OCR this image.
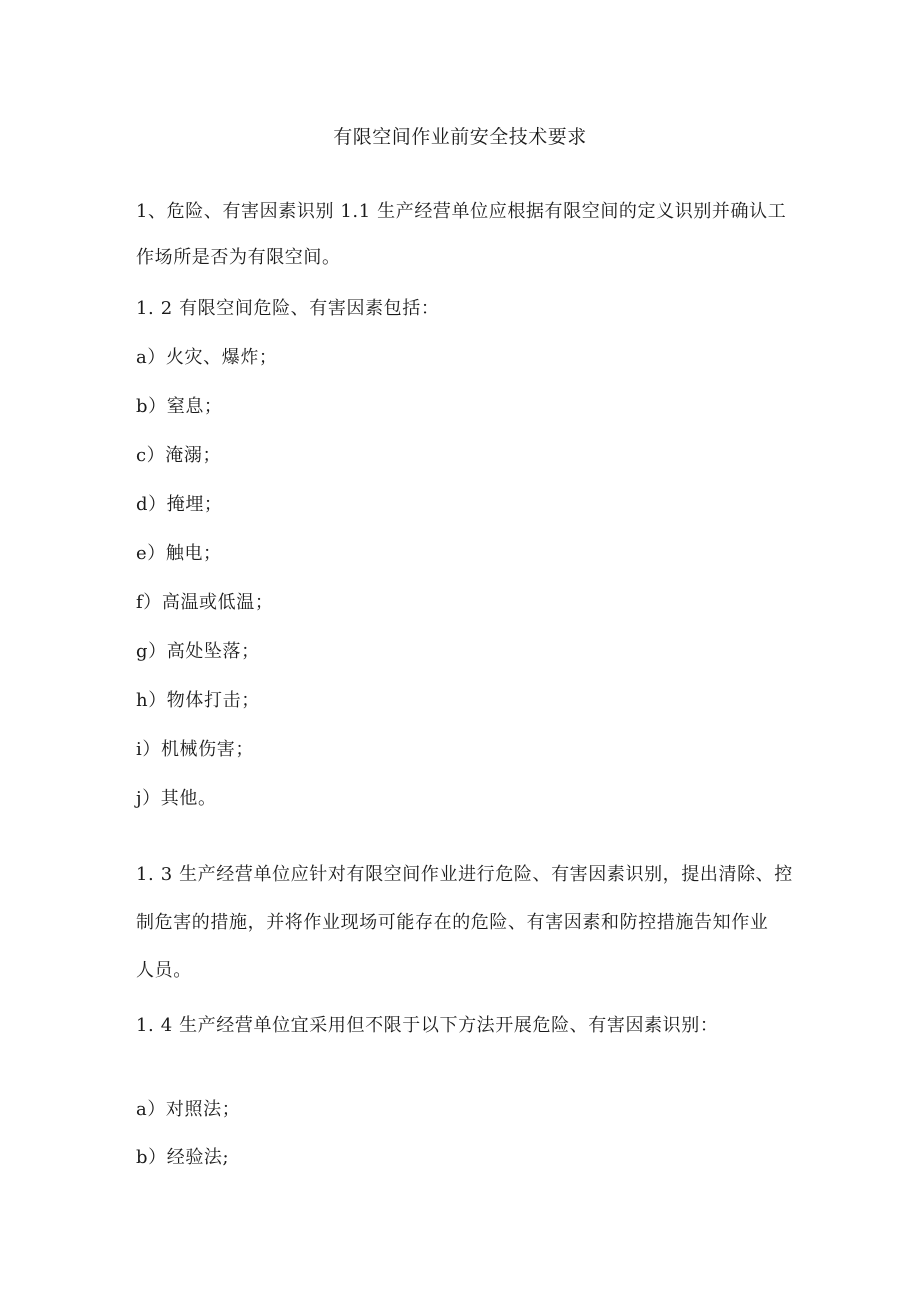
有限空间作业前安全技术要求
1、危险、有害因素识别 1.1 生产经营单位应根据有限空间的定义识别并确认工
作场所是否为有限空间。
1. 2 有限空间危险、有害因素包括：
a）火灾、爆炸；
b）窒息；
c）淹溺；
d）掩埋；
e）触电；
f）高温或低温；
g）高处坠落；
h）物体打击；
i）机械伤害；
j）其他。
1. 3 生产经营单位应针对有限空间作业进行危险、有害因素识别，提出清除、控
制危害的措施，并将作业现场可能存在的危险、有害因素和防控措施告知作业
人员。
1. 4 生产经营单位宜采用但不限于以下方法开展危险、有害因素识别：
a）对照法；
b）经验法;
